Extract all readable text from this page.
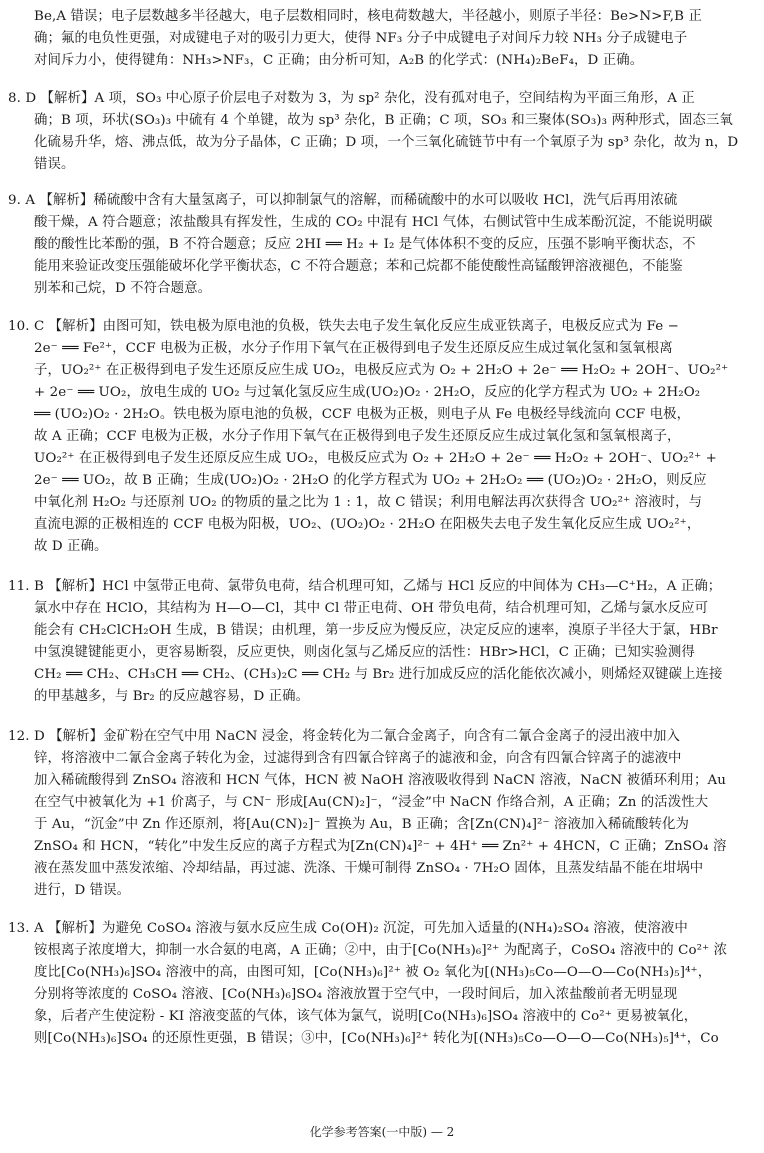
Be,A 错误；电子层数越多半径越大，电子层数相同时，核电荷数越大，半径越小，则原子半径：Be>N>F,B 正
确；氟的电负性更强，对成键电子对的吸引力更大，使得 NF₃ 分子中成键电子对间斥力较 NH₃ 分子成键电子
对间斥力小，使得键角：NH₃>NF₃，C 正确；由分析可知，A₂B 的化学式：(NH₄)₂BeF₄，D 正确。
8. D 【解析】A 项，SO₃ 中心原子价层电子对数为 3，为 sp² 杂化，没有孤对电子，空间结构为平面三角形，A 正
确；B 项，环状(SO₃)₃ 中硫有 4 个单键，故为 sp³ 杂化，B 正确；C 项，SO₃ 和三聚体(SO₃)₃ 两种形式，固态三氧
化硫易升华，熔、沸点低，故为分子晶体，C 正确；D 项，一个三氧化硫链节中有一个氧原子为 sp³ 杂化，故为 n，D
错误。
9. A 【解析】稀硫酸中含有大量氢离子，可以抑制氯气的溶解，而稀硫酸中的水可以吸收 HCl，洗气后再用浓硫
酸干燥，A 符合题意；浓盐酸具有挥发性，生成的 CO₂ 中混有 HCl 气体，右侧试管中生成苯酚沉淀，不能说明碳
酸的酸性比苯酚的强，B 不符合题意；反应 2HI ══ H₂ + I₂ 是气体体积不变的反应，压强不影响平衡状态，不
能用来验证改变压强能破坏化学平衡状态，C 不符合题意；苯和己烷都不能使酸性高锰酸钾溶液褪色，不能鉴
别苯和己烷，D 不符合题意。
10. C 【解析】由图可知，铁电极为原电池的负极，铁失去电子发生氧化反应生成亚铁离子，电极反应式为 Fe −
2e⁻ ══ Fe²⁺，CCF 电极为正极，水分子作用下氧气在正极得到电子发生还原反应生成过氧化氢和氢氧根离
子，UO₂²⁺ 在正极得到电子发生还原反应生成 UO₂，电极反应式为 O₂ + 2H₂O + 2e⁻ ══ H₂O₂ + 2OH⁻、UO₂²⁺
+ 2e⁻ ══ UO₂，放电生成的 UO₂ 与过氧化氢反应生成(UO₂)O₂ · 2H₂O，反应的化学方程式为 UO₂ + 2H₂O₂
══ (UO₂)O₂ · 2H₂O。铁电极为原电池的负极，CCF 电极为正极，则电子从 Fe 电极经导线流向 CCF 电极，
故 A 正确；CCF 电极为正极，水分子作用下氧气在正极得到电子发生还原反应生成过氧化氢和氢氧根离子，
UO₂²⁺ 在正极得到电子发生还原反应生成 UO₂，电极反应式为 O₂ + 2H₂O + 2e⁻ ══ H₂O₂ + 2OH⁻、UO₂²⁺ +
2e⁻ ══ UO₂，故 B 正确；生成(UO₂)O₂ · 2H₂O 的化学方程式为 UO₂ + 2H₂O₂ ══ (UO₂)O₂ · 2H₂O，则反应
中氧化剂 H₂O₂ 与还原剂 UO₂ 的物质的量之比为 1 : 1，故 C 错误；利用电解法再次获得含 UO₂²⁺ 溶液时，与
直流电源的正极相连的 CCF 电极为阳极，UO₂、(UO₂)O₂ · 2H₂O 在阳极失去电子发生氧化反应生成 UO₂²⁺，
故 D 正确。
11. B 【解析】HCl 中氢带正电荷、氯带负电荷，结合机理可知，乙烯与 HCl 反应的中间体为 CH₃—C⁺H₂，A 正确；
氯水中存在 HClO，其结构为 H—O—Cl，其中 Cl 带正电荷、OH 带负电荷，结合机理可知，乙烯与氯水反应可
能会有 CH₂ClCH₂OH 生成，B 错误；由机理，第一步反应为慢反应，决定反应的速率，溴原子半径大于氯，HBr
中氢溴键键能更小，更容易断裂，反应更快，则卤化氢与乙烯反应的活性：HBr>HCl，C 正确；已知实验测得
CH₂ ══ CH₂、CH₃CH ══ CH₂、(CH₃)₂C ══ CH₂ 与 Br₂ 进行加成反应的活化能依次减小，则烯烃双键碳上连接
的甲基越多，与 Br₂ 的反应越容易，D 正确。
12. D 【解析】金矿粉在空气中用 NaCN 浸金，将金转化为二氰合金离子，向含有二氰合金离子的浸出液中加入
锌，将溶液中二氰合金离子转化为金，过滤得到含有四氰合锌离子的滤液和金，向含有四氰合锌离子的滤液中
加入稀硫酸得到 ZnSO₄ 溶液和 HCN 气体，HCN 被 NaOH 溶液吸收得到 NaCN 溶液，NaCN 被循环利用；Au
在空气中被氧化为 +1 价离子，与 CN⁻ 形成[Au(CN)₂]⁻，“浸金”中 NaCN 作络合剂，A 正确；Zn 的活泼性大
于 Au，“沉金”中 Zn 作还原剂，将[Au(CN)₂]⁻ 置换为 Au，B 正确；含[Zn(CN)₄]²⁻ 溶液加入稀硫酸转化为
ZnSO₄ 和 HCN，“转化”中发生反应的离子方程式为[Zn(CN)₄]²⁻ + 4H⁺ ══ Zn²⁺ + 4HCN，C 正确；ZnSO₄ 溶
液在蒸发皿中蒸发浓缩、冷却结晶，再过滤、洗涤、干燥可制得 ZnSO₄ · 7H₂O 固体，且蒸发结晶不能在坩埚中
进行，D 错误。
13. A 【解析】为避免 CoSO₄ 溶液与氨水反应生成 Co(OH)₂ 沉淀，可先加入适量的(NH₄)₂SO₄ 溶液，使溶液中
铵根离子浓度增大，抑制一水合氨的电离，A 正确；②中，由于[Co(NH₃)₆]²⁺ 为配离子，CoSO₄ 溶液中的 Co²⁺ 浓
度比[Co(NH₃)₆]SO₄ 溶液中的高，由图可知，[Co(NH₃)₆]²⁺ 被 O₂ 氧化为[(NH₃)₅Co—O—O—Co(NH₃)₅]⁴⁺，
分别将等浓度的 CoSO₄ 溶液、[Co(NH₃)₆]SO₄ 溶液放置于空气中，一段时间后，加入浓盐酸前者无明显现
象，后者产生使淀粉 - KI 溶液变蓝的气体，该气体为氯气，说明[Co(NH₃)₆]SO₄ 溶液中的 Co²⁺ 更易被氧化，
则[Co(NH₃)₆]SO₄ 的还原性更强，B 错误；③中，[Co(NH₃)₆]²⁺ 转化为[(NH₃)₅Co—O—O—Co(NH₃)₅]⁴⁺，Co
化学参考答案(一中版) — 2
